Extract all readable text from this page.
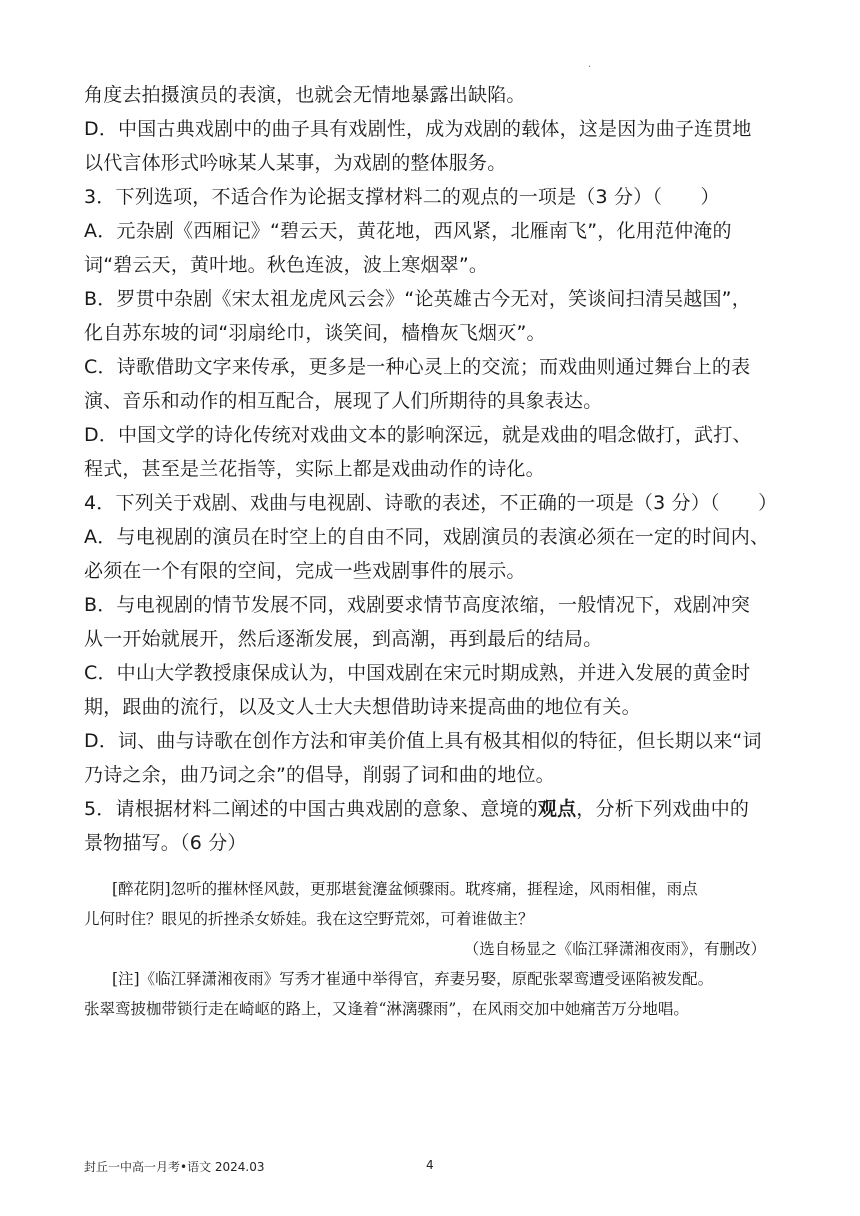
·
角度去拍摄演员的表演，也就会无情地暴露出缺陷。
D．中国古典戏剧中的曲子具有戏剧性，成为戏剧的载体，这是因为曲子连贯地
以代言体形式吟咏某人某事，为戏剧的整体服务。
3．下列选项，不适合作为论据支撑材料二的观点的一项是（3 分）（　　）
A．元杂剧《西厢记》“碧云天，黄花地，西风紧，北雁南飞”，化用范仲淹的
词“碧云天，黄叶地。秋色连波，波上寒烟翠”。
B．罗贯中杂剧《宋太祖龙虎风云会》“论英雄古今无对，笑谈间扫清吴越国”，
化自苏东坡的词“羽扇纶巾，谈笑间，樯橹灰飞烟灭”。
C．诗歌借助文字来传承，更多是一种心灵上的交流；而戏曲则通过舞台上的表
演、音乐和动作的相互配合，展现了人们所期待的具象表达。
D．中国文学的诗化传统对戏曲文本的影响深远，就是戏曲的唱念做打，武打、
程式，甚至是兰花指等，实际上都是戏曲动作的诗化。
4．下列关于戏剧、戏曲与电视剧、诗歌的表述，不正确的一项是（3 分）（　　）
A．与电视剧的演员在时空上的自由不同，戏剧演员的表演必须在一定的时间内、
必须在一个有限的空间，完成一些戏剧事件的展示。
B．与电视剧的情节发展不同，戏剧要求情节高度浓缩，一般情况下，戏剧冲突
从一开始就展开，然后逐渐发展，到高潮，再到最后的结局。
C．中山大学教授康保成认为，中国戏剧在宋元时期成熟，并进入发展的黄金时
期，跟曲的流行，以及文人士大夫想借助诗来提高曲的地位有关。
D．词、曲与诗歌在创作方法和审美价值上具有极其相似的特征，但长期以来“词
乃诗之余，曲乃词之余”的倡导，削弱了词和曲的地位。
5．请根据材料二阐述的中国古典戏剧的意象、意境的观点，分析下列戏曲中的
景物描写。（6 分）
[醉花阴]忽听的摧林怪风鼓，更那堪瓮瀽盆倾骤雨。耽疼痛，捱程途，风雨相催，雨点
儿何时住？眼见的折挫杀女娇娃。我在这空野荒郊，可着谁做主？
（选自杨显之《临江驿潇湘夜雨》，有删改）
[注]《临江驿潇湘夜雨》写秀才崔通中举得官，弃妻另娶，原配张翠鸾遭受诬陷被发配。
张翠鸾披枷带锁行走在崎岖的路上，又逢着“淋漓骤雨”，在风雨交加中她痛苦万分地唱。
封丘一中高一月考•语文 2024.03	4
